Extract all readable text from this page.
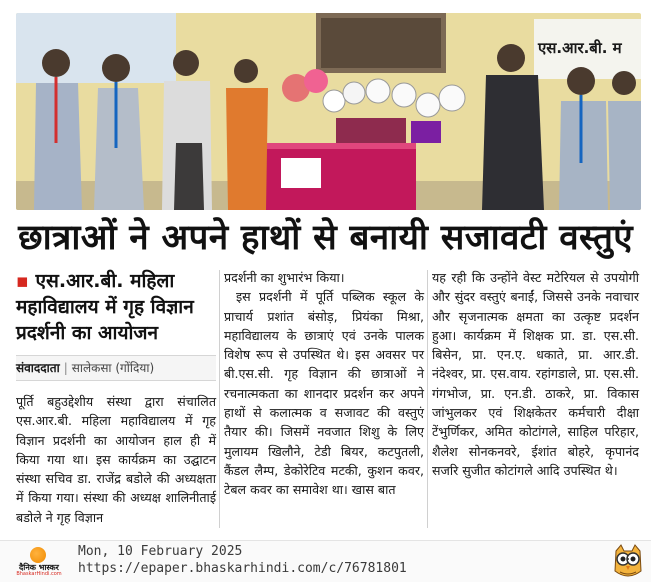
एस.आर.बी. म
छात्राओं ने अपने हाथों से बनायी सजावटी वस्तुएं
▪ एस.आर.बी. महिला महाविद्यालय में गृह विज्ञान प्रदर्शनी का आयोजन
संवाददाता | सालेकसा (गोंदिया)

पूर्ति बहुउद्देशीय संस्था द्वारा संचालित एस.आर.बी. महिला महाविद्यालय में गृह विज्ञान प्रदर्शनी का आयोजन हाल ही में किया गया था। इस कार्यक्रम का उद्घाटन संस्था सचिव डा. राजेंद्र बडोले की अध्यक्षता में किया गया। संस्था की अध्यक्ष शालिनीताई बडोले ने गृह विज्ञान

प्रदर्शनी का शुभारंभ किया।

इस प्रदर्शनी में पूर्ति पब्लिक स्कूल के प्राचार्य प्रशांत बंसोड़, प्रियंका मिश्रा, महाविद्यालय के छात्राएं एवं उनके पालक विशेष रूप से उपस्थित थे। इस अवसर पर बी.एस.सी. गृह विज्ञान की छात्राओं ने रचनात्मकता का शानदार प्रदर्शन कर अपने हाथों से कलात्मक व सजावट की वस्तुएं तैयार की। जिसमें नवजात शिशु के लिए मुलायम खिलौने, टेडी बियर, कटपुतली, कैंडल लैम्प, डेकोरेटिव मटकी, कुशन कवर, टेबल कवर का समावेश था। खास बात

यह रही कि उन्होंने वेस्ट मटेरियल से उपयोगी और सुंदर वस्तुएं बनाईं, जिससे उनके नवाचार और सृजनात्मक क्षमता का उत्कृष्ट प्रदर्शन हुआ। कार्यक्रम में शिक्षक प्रा. डा. एस.सी. बिसेन, प्रा. एन.ए. धकाते, प्रा. आर.डी. नंदेश्वर, प्रा. एस.वाय. रहांगडाले, प्रा. एस.सी. गंगभोज, प्रा. एन.डी. ठाकरे, प्रा. विकास जांभुलकर एवं शिक्षकेतर कर्मचारी दीक्षा टेंभुर्णिकर, अमित कोटांगले, साहिल परिहार, शैलेश सोनकनवरे, ईशांत बोहरे, कृपानंद सजरि सुजीत कोटांगले आदि उपस्थित थे।

दैनिक भास्कर
BhaskarHindi.com
Mon, 10 February 2025
https://epaper.bhaskarhindi.com/c/76781801
